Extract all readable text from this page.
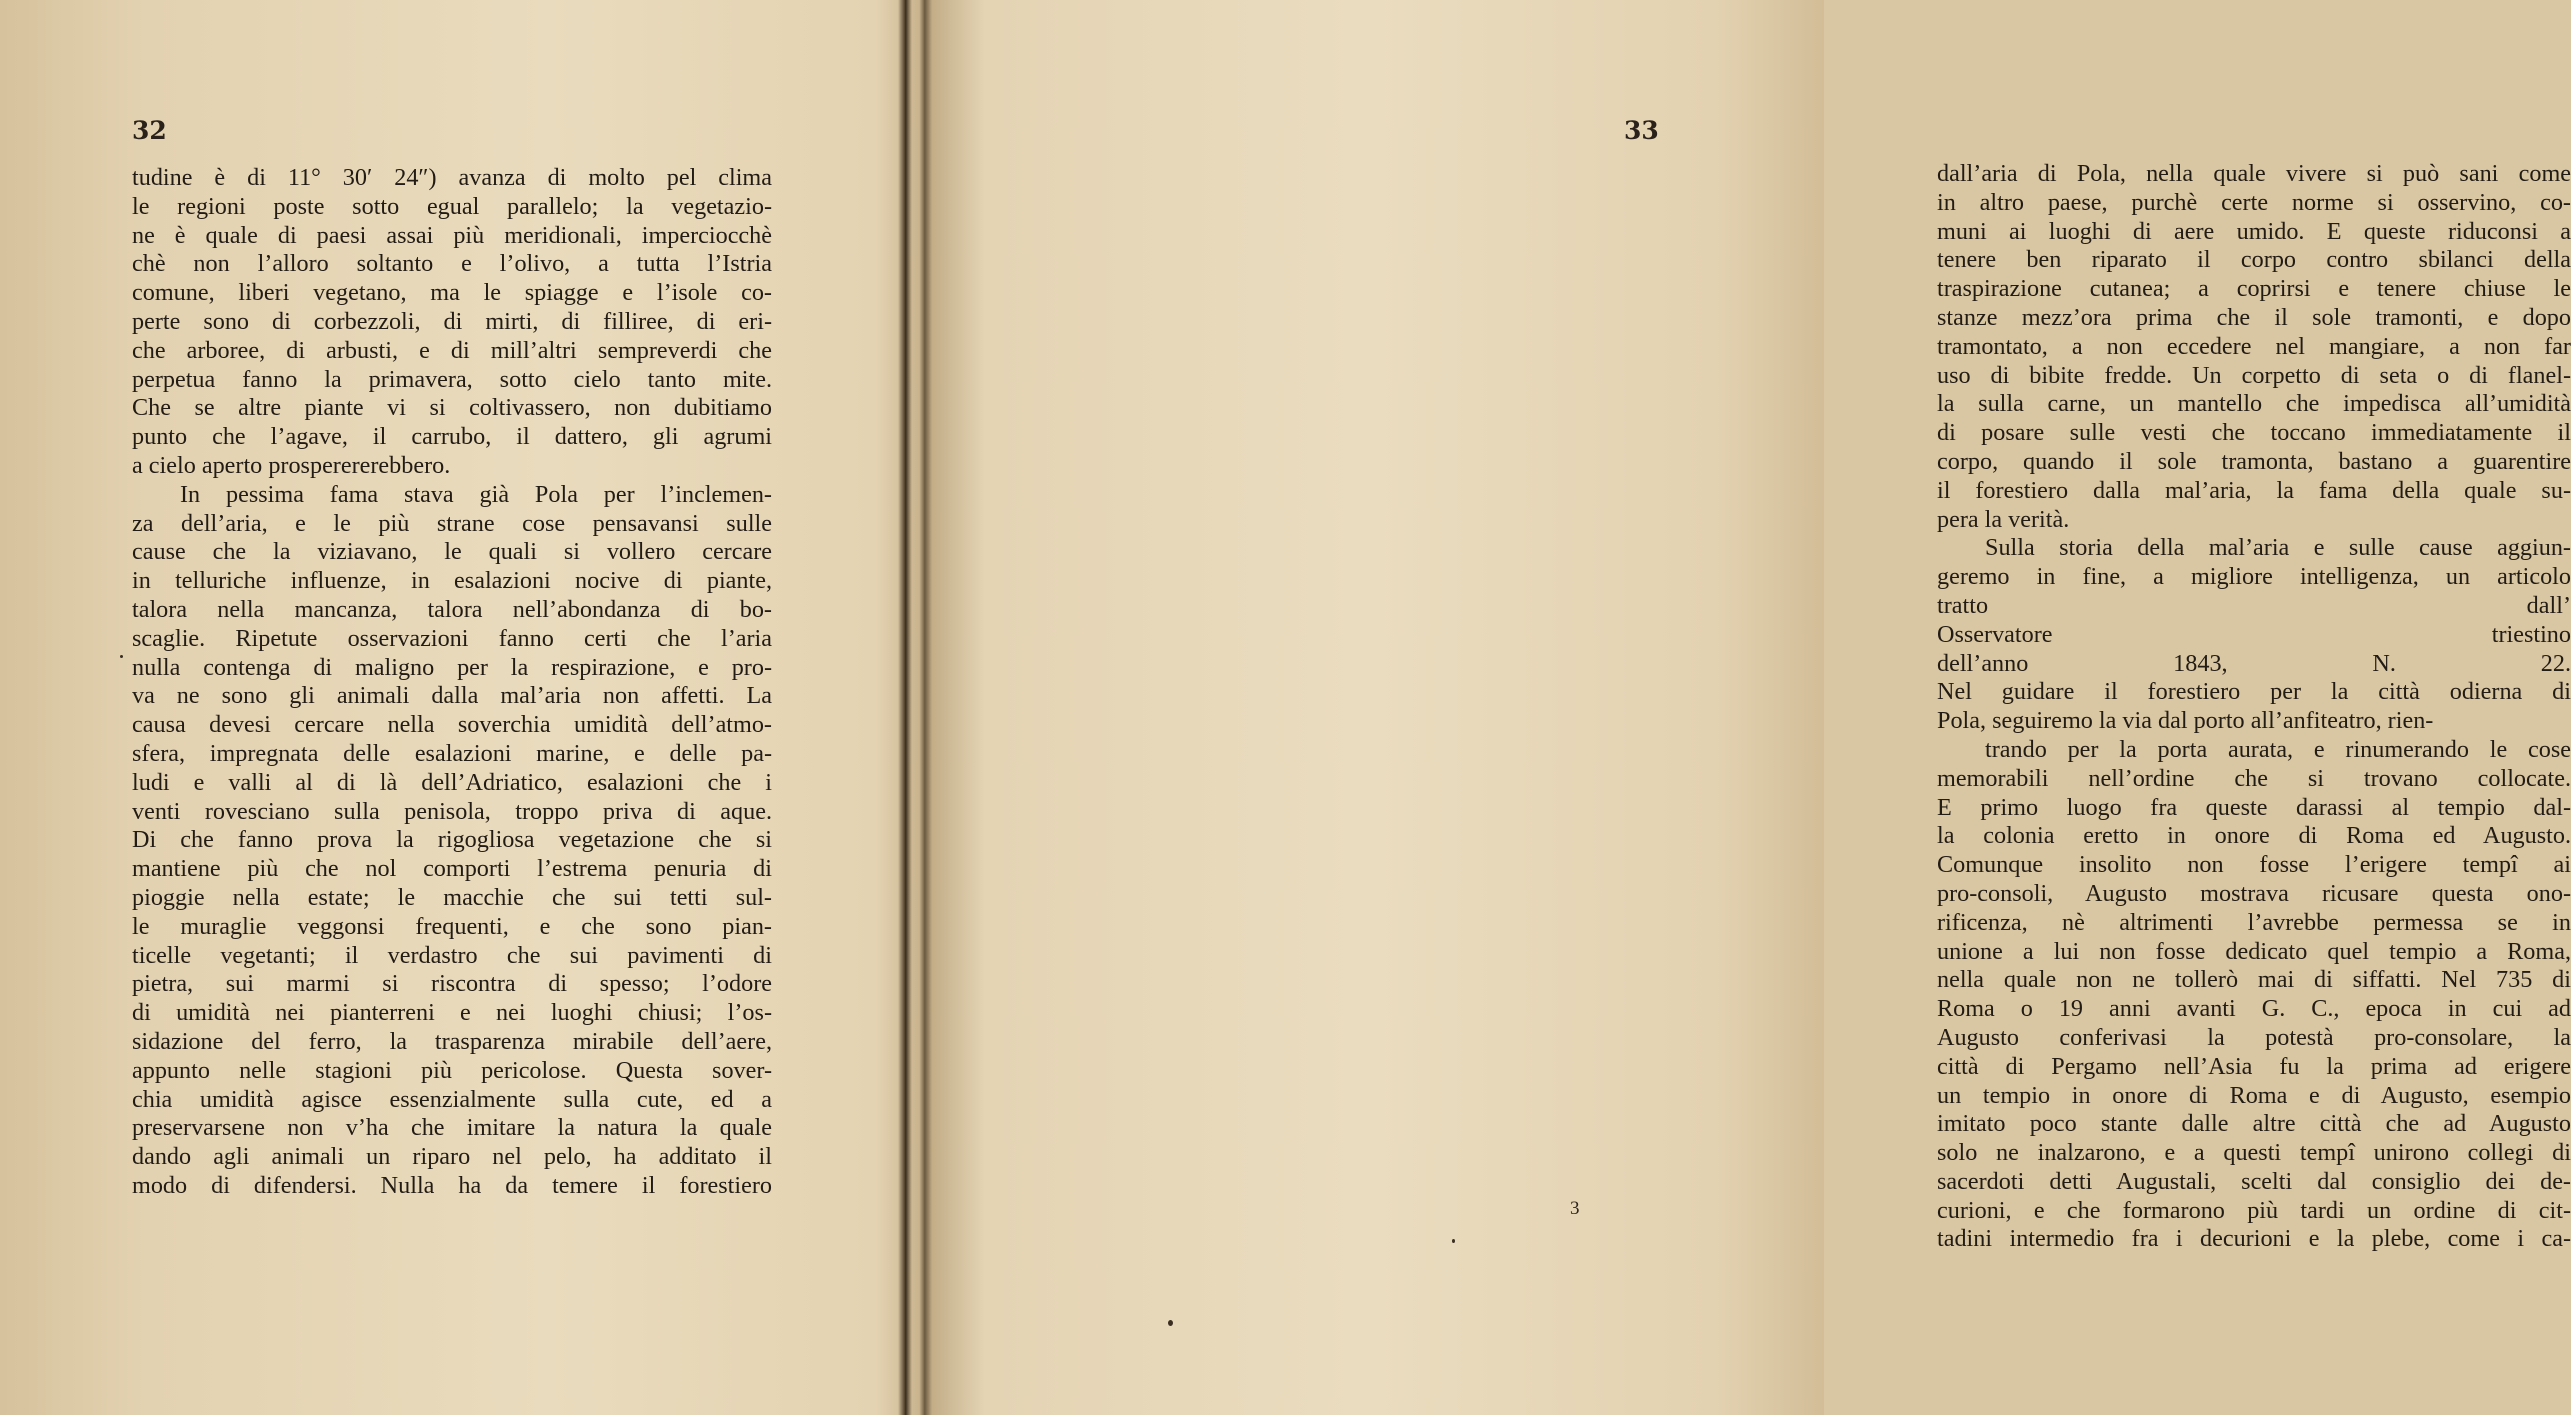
32
tudine è di 11° 30′ 24″) avanza di molto pel clima
le regioni poste sotto egual parallelo; la vegetazio-
ne è quale di paesi assai più meridionali, imperciocchè
chè non l’alloro soltanto e l’olivo, a tutta l’Istria
comune, liberi vegetano, ma le spiagge e l’isole co-
perte sono di corbezzoli, di mirti, di fillirее, di eri-
che arboree, di arbusti, e di mill’altri sempreverdi che
perpetua fanno la primavera, sotto cielo tanto mite.
Che se altre piante vi si coltivassero, non dubitiamo
punto che l’agave, il carrubo, il dattero, gli agrumi
a cielo aperto prosperererebbero.
In pessima fama stava già Pola per l’inclemen-
za dell’aria, e le più strane cose pensavansi sulle
cause che la viziavano, le quali si vollero cercare
in telluriche influenze, in esalazioni nocive di piante,
talora nella mancanza, talora nell’abondanza di bo-
scaglie. Ripetute osservazioni fanno certi che l’aria
nulla contenga di maligno per la respirazione, e pro-
va ne sono gli animali dalla mal’aria non affetti. La
causa devesi cercare nella soverchia umidità dell’atmo-
sfera, impregnata delle esalazioni marine, e delle pa-
ludi e valli al di là dell’Adriatico, esalazioni che i
venti rovesciano sulla penisola, troppo priva di aque.
Di che fanno prova la rigogliosa vegetazione che si
mantiene più che nol comporti l’estrema penuria di
pioggie nella estate; le macchie che sui tetti sul-
le muraglie veggonsi frequenti, e che sono pian-
ticelle vegetanti; il verdastro che sui pavimenti di
pietra, sui marmi si riscontra di spesso; l’odore
di umidità nei pianterreni e nei luoghi chiusi; l’os-
sidazione del ferro, la trasparenza mirabile dell’aere,
appunto nelle stagioni più pericolose. Questa sover-
chia umidità agisce essenzialmente sulla cute, ed a
preservarsene non v’ha che imitare la natura la quale
dando agli animali un riparo nel pelo, ha additato il
modo di difendersi. Nulla ha da temere il forestiero
dall’aria di Pola, nella quale vivere si può sani come
in altro paese, purchè certe norme si osservino, co-
muni ai luoghi di aere umido. E queste riduconsi a
tenere ben riparato il corpo contro sbilanci della
traspirazione cutanea; a coprirsi e tenere chiuse le
stanze mezz’ora prima che il sole tramonti, e dopo
tramontato, a non eccedere nel mangiare, a non far
uso di bibite fredde. Un corpetto di seta o di flanel-
la sulla carne, un mantello che impedisca all’umidità
di posare sulle vesti che toccano immediatamente il
corpo, quando il sole tramonta, bastano a guarentire
il forestiero dalla mal’aria, la fama della quale su-
pera la verità.
Sulla storia della mal’aria e sulle cause aggiun-
geremo in fine, a migliore intelligenza, un articolo
tratto dall’
Osservatore triestino
dell’anno 1843, N. 22.
Nel guidare il forestiero per la città odierna di
Pola, seguiremo la via dal porto all’anfiteatro, rien-
trando per la porta aurata, e rinumerando le cose
memorabili nell’ordine che si trovano collocate.
E primo luogo fra queste darassi al tempio dal-
la colonia eretto in onore di Roma ed Augusto.
Comunque insolito non fosse l’erigere tempî ai
pro-consoli, Augusto mostrava ricusare questa ono-
rificenza, nè altrimenti l’avrebbe permessa se in
unione a lui non fosse dedicato quel tempio a Roma,
nella quale non ne tollerò mai di siffatti. Nel 735 di
Roma o 19 anni avanti G. C., epoca in cui ad
Augusto conferivasi la potestà pro-consolare, la
città di Pergamo nell’Asia fu la prima ad erigere
un tempio in onore di Roma e di Augusto, esempio
imitato poco stante dalle altre città che ad Augusto
solo ne inalzarono, e a questi tempî unirono collegi di
sacerdoti detti Augustali, scelti dal consiglio dei de-
curioni, e che formarono più tardi un ordine di cit-
tadini intermedio fra i decurioni e la plebe, come i ca-
33
3
